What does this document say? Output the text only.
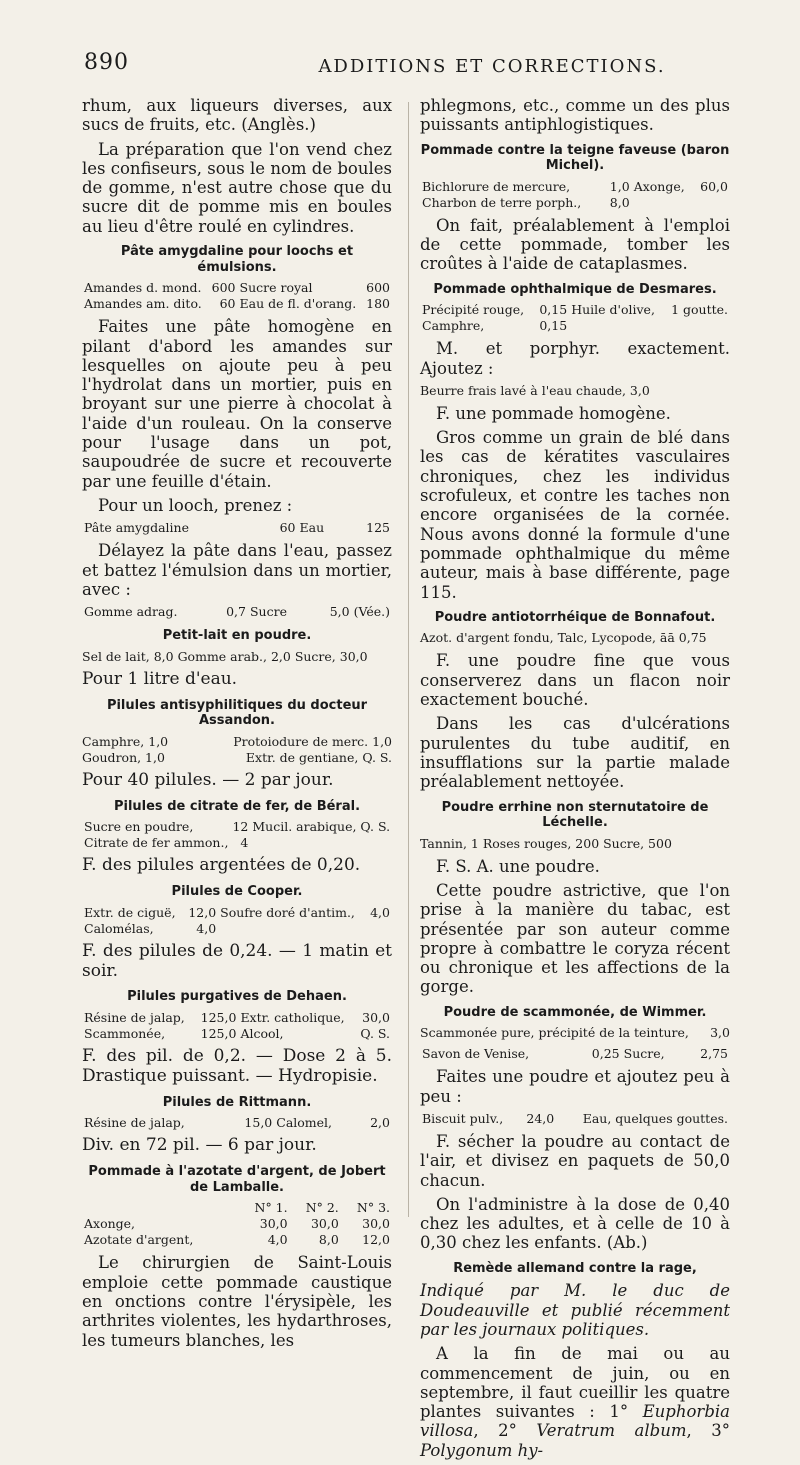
890	ADDITIONS ET CORRECTIONS.

rhum, aux liqueurs diverses, aux sucs de fruits, etc. (Anglès.)

La préparation que l'on vend chez les confiseurs, sous le nom de boules de gomme, n'est autre chose que du sucre dit de pomme mis en boules au lieu d'être roulé en cylindres.

Pâte amygdaline pour loochs et émulsions.
Amandes d. mond.	600	Sucre royal	600
Amandes am. dito.	60	Eau de fl. d'orang.	180

Faites une pâte homogène en pilant d'abord les amandes sur lesquelles on ajoute peu à peu l'hydrolat dans un mortier, puis en broyant sur une pierre à chocolat à l'aide d'un rouleau. On la conserve pour l'usage dans un pot, saupoudrée de sucre et recouverte par une feuille d'étain.

Pour un looch, prenez :

Pâte amygdaline	60	Eau	125

Délayez la pâte dans l'eau, passez et battez l'émulsion dans un mortier, avec :

Gomme adrag.	0,7	Sucre	5,0 (Vée.)
Petit-lait en poudre.
Sel de lait, 8,0 Gomme arab., 2,0 Sucre, 30,0

Pour 1 litre d'eau.

Pilules antisyphilitiques du docteur Assandon.
Camphre, 1,0	Protoiodure de merc. 1,0
Goudron, 1,0	Extr. de gentiane, Q. S.

Pour 40 pilules. — 2 par jour.

Pilules de citrate de fer, de Béral.
Sucre en poudre,	12	Mucil. arabique, Q. S.
Citrate de fer ammon.,	4	

F. des pilules argentées de 0,20.

Pilules de Cooper.
Extr. de ciguë,	12,0	Soufre doré d'antim.,	4,0
Calomélas,	4,0		

F. des pilules de 0,24. — 1 matin et soir.

Pilules purgatives de Dehaen.
Résine de jalap,	125,0	Extr. catholique,	30,0
Scammonée,	125,0	Alcool,	Q. S.

F. des pil. de 0,2. — Dose 2 à 5. Drastique puissant. — Hydropisie.

Pilules de Rittmann.
Résine de jalap,	15,0	Calomel,	2,0

Div. en 72 pil. — 6 par jour.

Pommade à l'azotate d'argent, de Jobert de Lamballe.
	N° 1.	N° 2.	N° 3.
Axonge,	30,0	30,0	30,0
Azotate d'argent,	4,0	8,0	12,0

Le chirurgien de Saint-Louis emploie cette pommade caustique en onctions contre l'érysipèle, les arthrites violentes, les hydarthroses, les tumeurs blanches, les

phlegmons, etc., comme un des plus puissants antiphlogistiques.

Pommade contre la teigne faveuse (baron Michel).
Bichlorure de mercure,	1,0	Axonge,	60,0
Charbon de terre porph.,	8,0		

On fait, préalablement à l'emploi de cette pommade, tomber les croûtes à l'aide de cataplasmes.

Pommade ophthalmique de Desmares.
Précipité rouge,	0,15	Huile d'olive,	1 goutte.
Camphre,	0,15		

M. et porphyr. exactement. Ajoutez :

Beurre frais lavé à l'eau chaude, 3,0

F. une pommade homogène.

Gros comme un grain de blé dans les cas de kératites vasculaires chroniques, chez les individus scrofuleux, et contre les taches non encore organisées de la cornée. Nous avons donné la formule d'une pommade ophthalmique du même auteur, mais à base différente, page 115.

Poudre antiotorrhéique de Bonnafout.
Azot. d'argent fondu, Talc, Lycopode, āā 0,75

F. une poudre fine que vous conserverez dans un flacon noir exactement bouché.

Dans les cas d'ulcérations purulentes du tube auditif, en insufflations sur la partie malade préalablement nettoyée.

Poudre errhine non sternutatoire de Léchelle.
Tannin, 1 Roses rouges, 200 Sucre, 500

F. S. A. une poudre.

Cette poudre astrictive, que l'on prise à la manière du tabac, est présentée par son auteur comme propre à combattre le coryza récent ou chronique et les affections de la gorge.

Poudre de scammonée, de Wimmer.
Scammonée pure, précipité de la teinture, 3,0
Savon de Venise,	0,25	Sucre,	2,75

Faites une poudre et ajoutez peu à peu :

Biscuit pulv.,	24,0	Eau, quelques gouttes.

F. sécher la poudre au contact de l'air, et divisez en paquets de 50,0 chacun.

On l'administre à la dose de 0,40 chez les adultes, et à celle de 10 à 0,30 chez les enfants. (Ab.)

Remède allemand contre la rage,

Indiqué par M. le duc de Doudeauville et publié récemment par les journaux politiques.

A la fin de mai ou au commencement de juin, ou en septembre, il faut cueillir les quatre plantes suivantes : 1° Euphorbia villosa, 2° Veratrum album, 3° Polygonum hy-
